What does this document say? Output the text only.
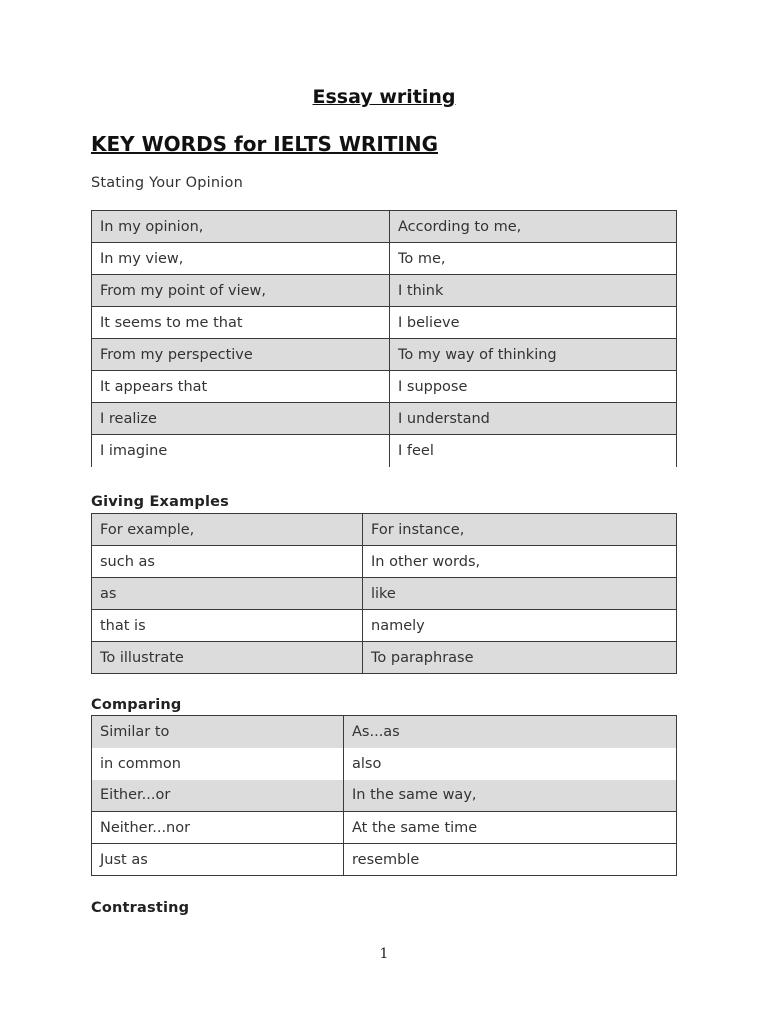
Essay writing
KEY WORDS for IELTS WRITING
Stating Your Opinion
In my opinion,	According to me,
In my view,	To me,
From my point of view,	I think
It seems to me that	I believe
From my perspective	To my way of thinking
It appears that	I suppose
I realize	I understand
I imagine	I feel
Giving Examples
For example,	For instance,
such as	In other words,
as	like
that is	namely
To illustrate	To paraphrase
Comparing
Similar to	As...as
in common	also
Either...or	In the same way,
Neither...nor	At the same time
Just as	resemble
Contrasting
1
